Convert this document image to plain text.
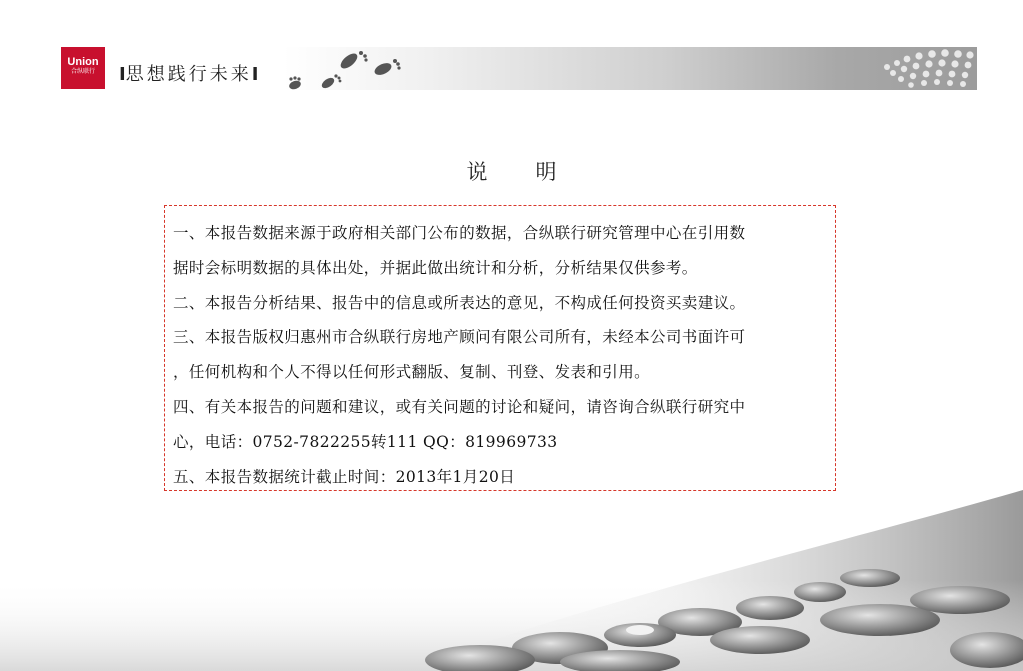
Union
合纵联行	I思想践行未来I
说明
一、本报告数据来源于政府相关部门公布的数据，合纵联行研究管理中心在引用数
据时会标明数据的具体出处，并据此做出统计和分析，分析结果仅供参考。
二、本报告分析结果、报告中的信息或所表达的意见，不构成任何投资买卖建议。
三、本报告版权归惠州市合纵联行房地产顾问有限公司所有，未经本公司书面许可
，任何机构和个人不得以任何形式翻版、复制、刊登、发表和引用。
四、有关本报告的问题和建议，或有关问题的讨论和疑问，请咨询合纵联行研究中
心，电话：0752-7822255转111 QQ：819969733
五、本报告数据统计截止时间：2013年1月20日
